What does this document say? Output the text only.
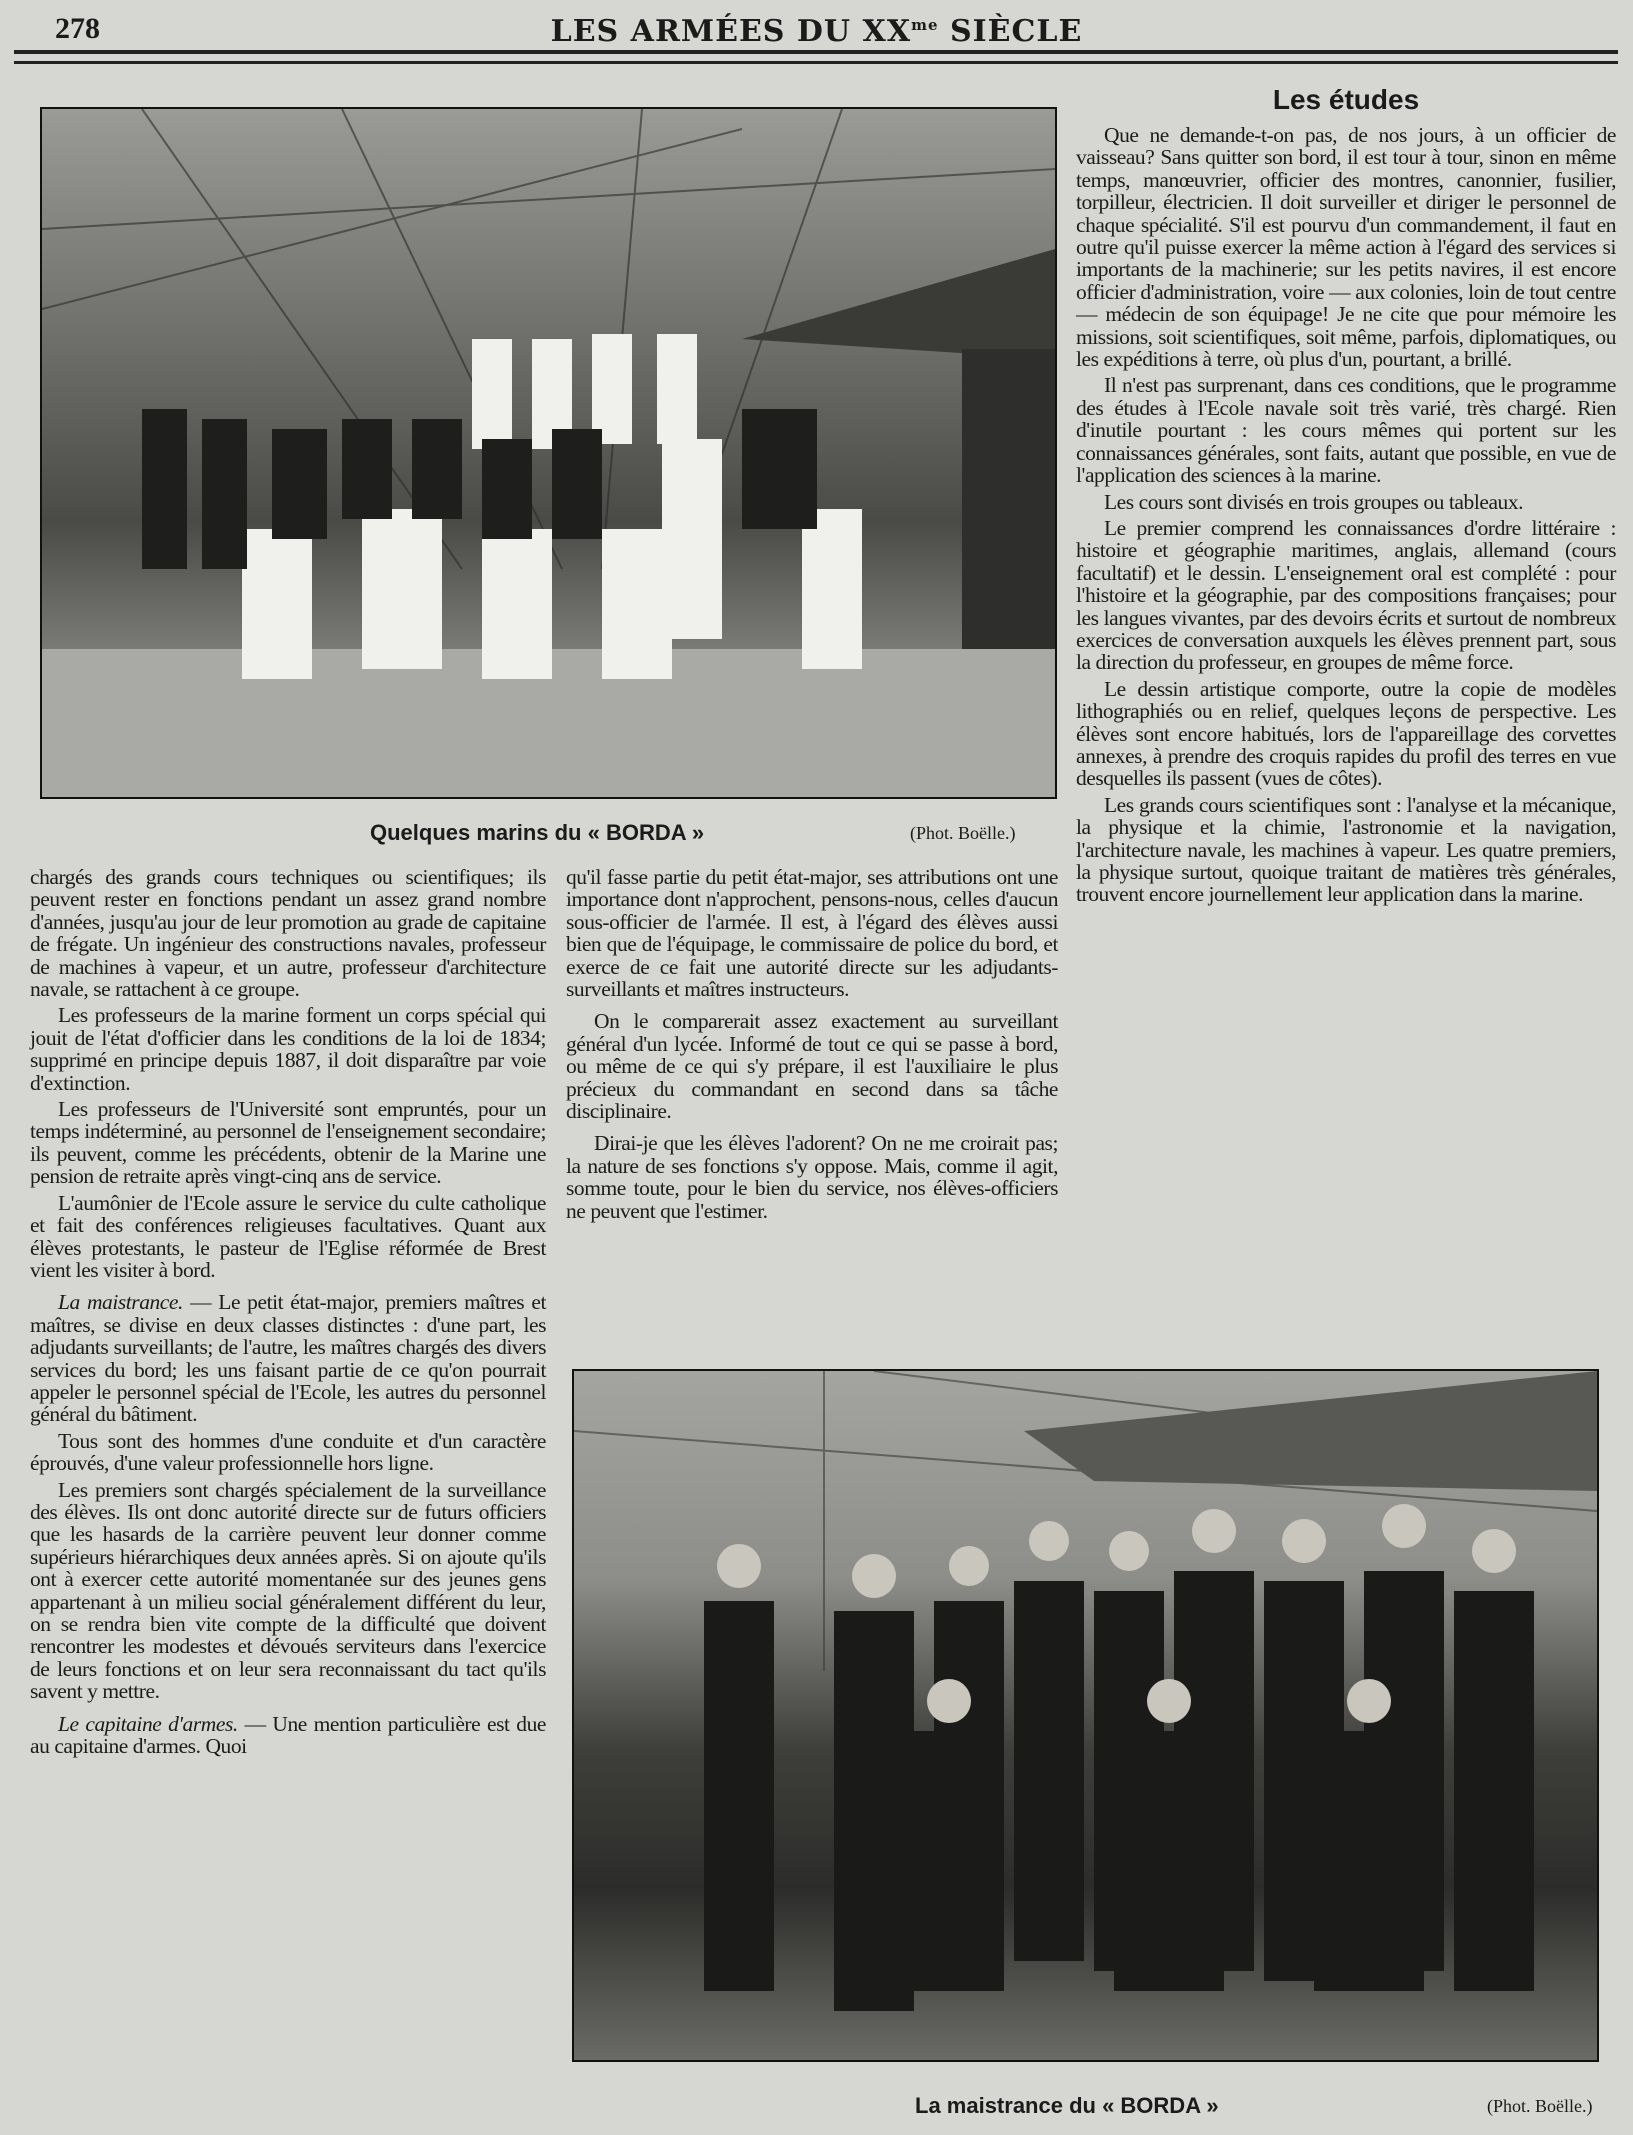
278	LES ARMÉES DU $XX^{me}$ SIÈCLE
Quelques marins du « BORDA »	(Phot. Boëlle.)
Les études

chargés des grands cours techniques ou scientifiques; ils peuvent rester en fonctions pendant un assez grand nombre d'années, jusqu'au jour de leur promotion au grade de capitaine de frégate. Un ingénieur des constructions navales, professeur de machines à vapeur, et un autre, professeur d'architecture navale, se rattachent à ce groupe.

Les professeurs de la marine forment un corps spécial qui jouit de l'état d'officier dans les conditions de la loi de 1834; supprimé en principe depuis 1887, il doit disparaître par voie d'extinction.

Les professeurs de l'Université sont empruntés, pour un temps indéterminé, au personnel de l'enseignement secondaire; ils peuvent, comme les précédents, obtenir de la Marine une pension de retraite après vingt-cinq ans de service.

L'aumônier de l'Ecole assure le service du culte catholique et fait des conférences religieuses facultatives. Quant aux élèves protestants, le pasteur de l'Eglise réformée de Brest vient les visiter à bord.

La maistrance. — Le petit état-major, premiers maîtres et maîtres, se divise en deux classes distinctes : d'une part, les adjudants surveillants; de l'autre, les maîtres chargés des divers services du bord; les uns faisant partie de ce qu'on pourrait appeler le personnel spécial de l'Ecole, les autres du personnel général du bâtiment.

Tous sont des hommes d'une conduite et d'un caractère éprouvés, d'une valeur professionnelle hors ligne.

Les premiers sont chargés spécialement de la surveillance des élèves. Ils ont donc autorité directe sur de futurs officiers que les hasards de la carrière peuvent leur donner comme supérieurs hiérarchiques deux années après. Si on ajoute qu'ils ont à exercer cette autorité momentanée sur des jeunes gens appartenant à un milieu social généralement différent du leur, on se rendra bien vite compte de la difficulté que doivent rencontrer les modestes et dévoués serviteurs dans l'exercice de leurs fonctions et on leur sera reconnaissant du tact qu'ils savent y mettre.

Le capitaine d'armes. — Une mention particulière est due au capitaine d'armes. Quoi

qu'il fasse partie du petit état-major, ses attributions ont une importance dont n'approchent, pensons-nous, celles d'aucun sous-officier de l'armée. Il est, à l'égard des élèves aussi bien que de l'équipage, le commissaire de police du bord, et exerce de ce fait une autorité directe sur les adjudants-surveillants et maîtres instructeurs.

On le comparerait assez exactement au surveillant général d'un lycée. Informé de tout ce qui se passe à bord, ou même de ce qui s'y prépare, il est l'auxiliaire le plus précieux du commandant en second dans sa tâche disciplinaire.

Dirai-je que les élèves l'adorent? On ne me croirait pas; la nature de ses fonctions s'y oppose. Mais, comme il agit, somme toute, pour le bien du service, nos élèves-officiers ne peuvent que l'estimer.

Que ne demande-t-on pas, de nos jours, à un officier de vaisseau? Sans quitter son bord, il est tour à tour, sinon en même temps, manœuvrier, officier des montres, canonnier, fusilier, torpilleur, électricien. Il doit surveiller et diriger le personnel de chaque spécialité. S'il est pourvu d'un commandement, il faut en outre qu'il puisse exercer la même action à l'égard des services si importants de la machinerie; sur les petits navires, il est encore officier d'administration, voire — aux colonies, loin de tout centre — médecin de son équipage! Je ne cite que pour mémoire les missions, soit scientifiques, soit même, parfois, diplomatiques, ou les expéditions à terre, où plus d'un, pourtant, a brillé.

Il n'est pas surprenant, dans ces conditions, que le programme des études à l'Ecole navale soit très varié, très chargé. Rien d'inutile pourtant : les cours mêmes qui portent sur les connaissances générales, sont faits, autant que possible, en vue de l'application des sciences à la marine.

Les cours sont divisés en trois groupes ou tableaux.

Le premier comprend les connaissances d'ordre littéraire : histoire et géographie maritimes, anglais, allemand (cours facultatif) et le dessin. L'enseignement oral est complété : pour l'histoire et la géographie, par des compositions françaises; pour les langues vivantes, par des devoirs écrits et surtout de nombreux exercices de conversation auxquels les élèves prennent part, sous la direction du professeur, en groupes de même force.

Le dessin artistique comporte, outre la copie de modèles lithographiés ou en relief, quelques leçons de perspective. Les élèves sont encore habitués, lors de l'appareillage des corvettes annexes, à prendre des croquis rapides du profil des terres en vue desquelles ils passent (vues de côtes).

Les grands cours scientifiques sont : l'analyse et la mécanique, la physique et la chimie, l'astronomie et la navigation, l'architecture navale, les machines à vapeur. Les quatre premiers, la physique surtout, quoique traitant de matières très générales, trouvent encore journellement leur application dans la marine.

La maistrance du « BORDA »	(Phot. Boëlle.)
